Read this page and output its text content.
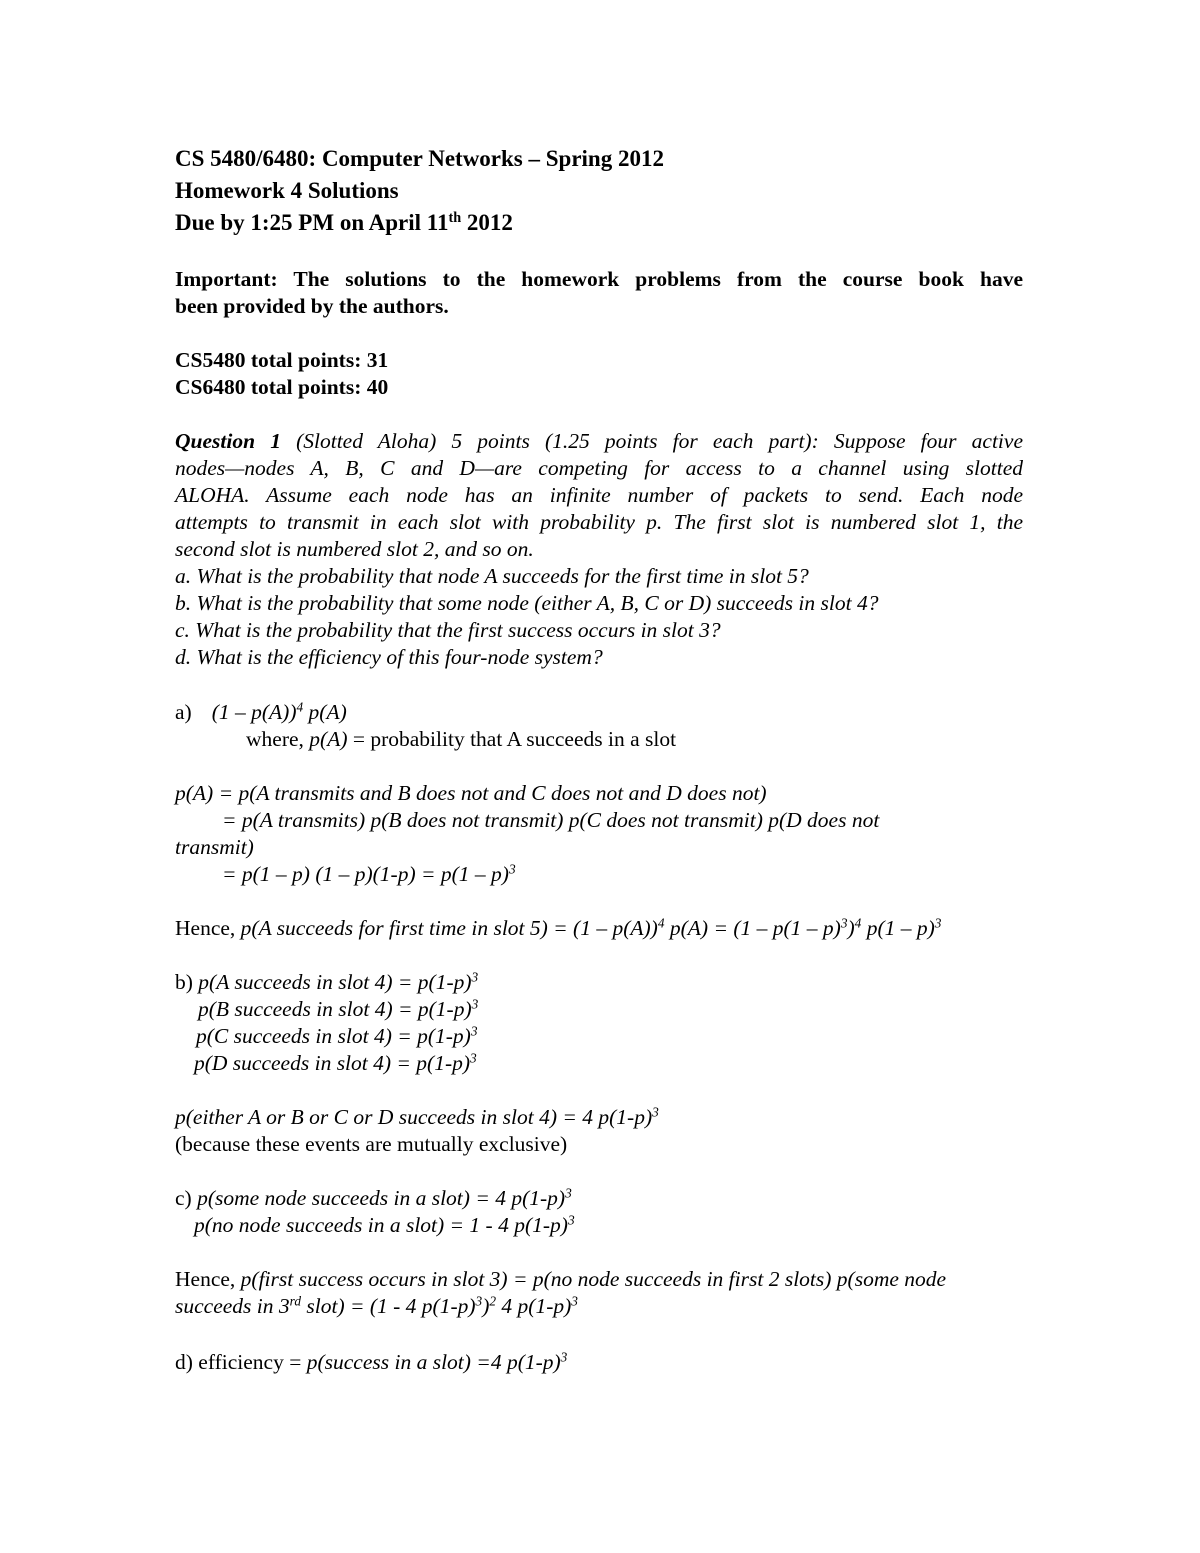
CS 5480/6480: Computer Networks – Spring 2012
Homework 4 Solutions
Due by 1:25 PM on April 11th 2012
Important: The solutions to the homework problems from the course book have
been provided by the authors.
CS5480 total points: 31
CS6480 total points: 40
Question 1 (Slotted Aloha) 5 points (1.25 points for each part): Suppose four active
nodes—nodes A, B, C and D—are competing for access to a channel using slotted
ALOHA. Assume each node has an infinite number of packets to send. Each node
attempts to transmit in each slot with probability p. The first slot is numbered slot 1, the
second slot is numbered slot 2, and so on.
a. What is the probability that node A succeeds for the first time in slot 5?
b. What is the probability that some node (either A, B, C or D) succeeds in slot 4?
c. What is the probability that the first success occurs in slot 3?
d. What is the efficiency of this four-node system?
a) (1 – p(A))$^4$ p(A)
where, p(A) = probability that A succeeds in a slot
p(A) = p(A transmits and B does not and C does not and D does not)
= p(A transmits) p(B does not transmit) p(C does not transmit) p(D does not
transmit)
= p(1 – p) (1 – p)(1-p) = p(1 – p)$^3$
Hence, p(A succeeds for first time in slot 5) = (1 – p(A))$^4$ p(A) = (1 – p(1 – p)$^3$)$^4$ p(1 – p)$^3$
b) p(A succeeds in slot $4) = p(1-p)^3$
p(B succeeds in slot $4) = p(1-p)^3$
p(C succeeds in slot $4) = p(1-p)^3$
p(D succeeds in slot $4) = p(1-p)^3$
p(either A or B or C or D succeeds in slot 4) = 4 $p(1-p)^3$
(because these events are mutually exclusive)
c) p(some node succeeds in a slot) = 4 $p(1-p)^3$
p(no node succeeds in a slot) = 1 - 4 $p(1-p)^3$
Hence, p(first success occurs in slot 3) = p(no node succeeds in first 2 slots) p(some node
succeeds in 3rd slot) = (1 - 4 $p(1-p)^3)^2$ 4 $p(1-p)^3$
d) efficiency = p(success in a slot) =4 $p(1-p)^3$
